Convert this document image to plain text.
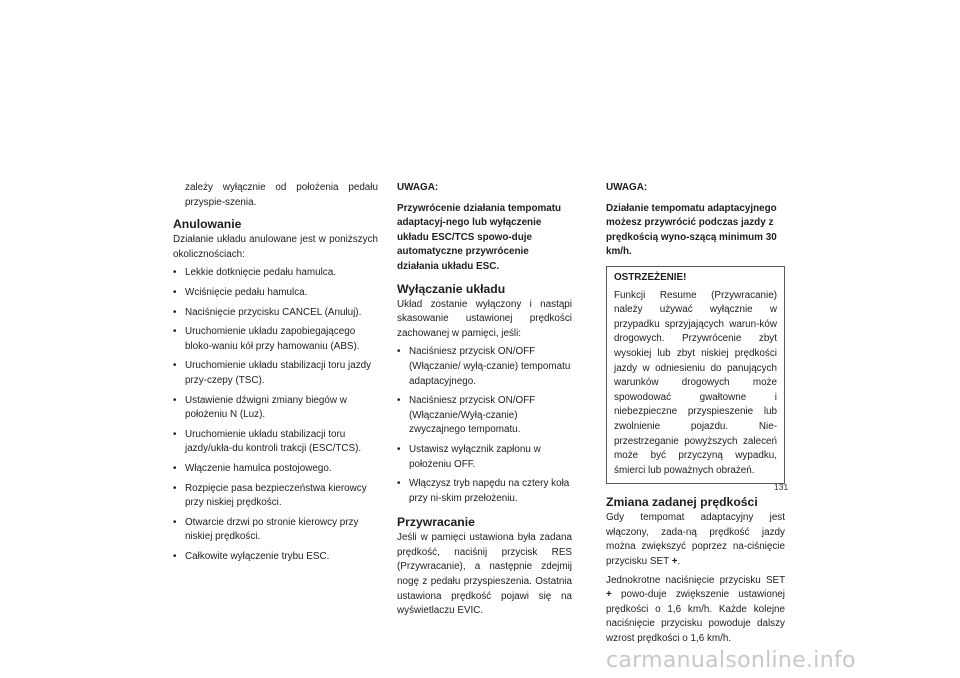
zależy wyłącznie od położenia pedału przyspie-szenia.

Anulowanie

Działanie układu anulowane jest w poniższych okolicznościach:

• Lekkie dotknięcie pedału hamulca.
• Wciśnięcie pedału hamulca.
• Naciśnięcie przycisku CANCEL (Anuluj).
• Uruchomienie układu zapobiegającego bloko-waniu kół przy hamowaniu (ABS).
• Uruchomienie układu stabilizacji toru jazdy przy-czepy (TSC).
• Ustawienie dźwigni zmiany biegów w położeniu N (Luz).
• Uruchomienie układu stabilizacji toru jazdy/ukła-du kontroli trakcji (ESC/TCS).
• Włączenie hamulca postojowego.
• Rozpięcie pasa bezpieczeństwa kierowcy przy niskiej prędkości.
• Otwarcie drzwi po stronie kierowcy przy niskiej prędkości.
• Całkowite wyłączenie trybu ESC.

UWAGA:

Przywrócenie działania tempomatu adaptacyj-nego lub wyłączenie układu ESC/TCS spowo-duje automatyczne przywrócenie działania układu ESC.

Wyłączanie układu

Układ zostanie wyłączony i nastąpi skasowanie ustawionej prędkości zachowanej w pamięci, jeśli:

• Naciśniesz przycisk ON/OFF (Włączanie/ wyłą-czanie) tempomatu adaptacyjnego.
• Naciśniesz przycisk ON/OFF (Włączanie/Wyłą-czanie) zwyczajnego tempomatu.
• Ustawisz wyłącznik zapłonu w położeniu OFF.
• Włączysz tryb napędu na cztery koła przy ni-skim przełożeniu.
Przywracanie

Jeśli w pamięci ustawiona była zadana prędkość, naciśnij przycisk RES (Przywracanie), a następnie zdejmij nogę z pedału przyspieszenia. Ostatnia ustawiona prędkość pojawi się na wyświetlaczu EVIC.

UWAGA:

Działanie tempomatu adaptacyjnego możesz przywrócić podczas jazdy z prędkością wyno-szącą minimum 30 km/h.

OSTRZEŻENIE!

Funkcji Resume (Przywracanie) należy używać wyłącznie w przypadku sprzyjających warun-ków drogowych. Przywrócenie zbyt wysokiej lub zbyt niskiej prędkości jazdy w odniesieniu do panujących warunków drogowych może spowodować gwałtowne i niebezpieczne przyspieszenie lub zwolnienie pojazdu. Nie-przestrzeganie powyższych zaleceń może być przyczyną wypadku, śmierci lub poważnych obrażeń.

Zmiana zadanej prędkości

Gdy tempomat adaptacyjny jest włączony, zada-ną prędkość jazdy można zwiększyć poprzez na-ciśnięcie przycisku SET +.

Jednokrotne naciśnięcie przycisku SET + powo-duje zwiększenie ustawionej prędkości o 1,6 km/h. Każde kolejne naciśnięcie przycisku powoduje dalszy wzrost prędkości o 1,6 km/h.

131
carmanualsonline.info
